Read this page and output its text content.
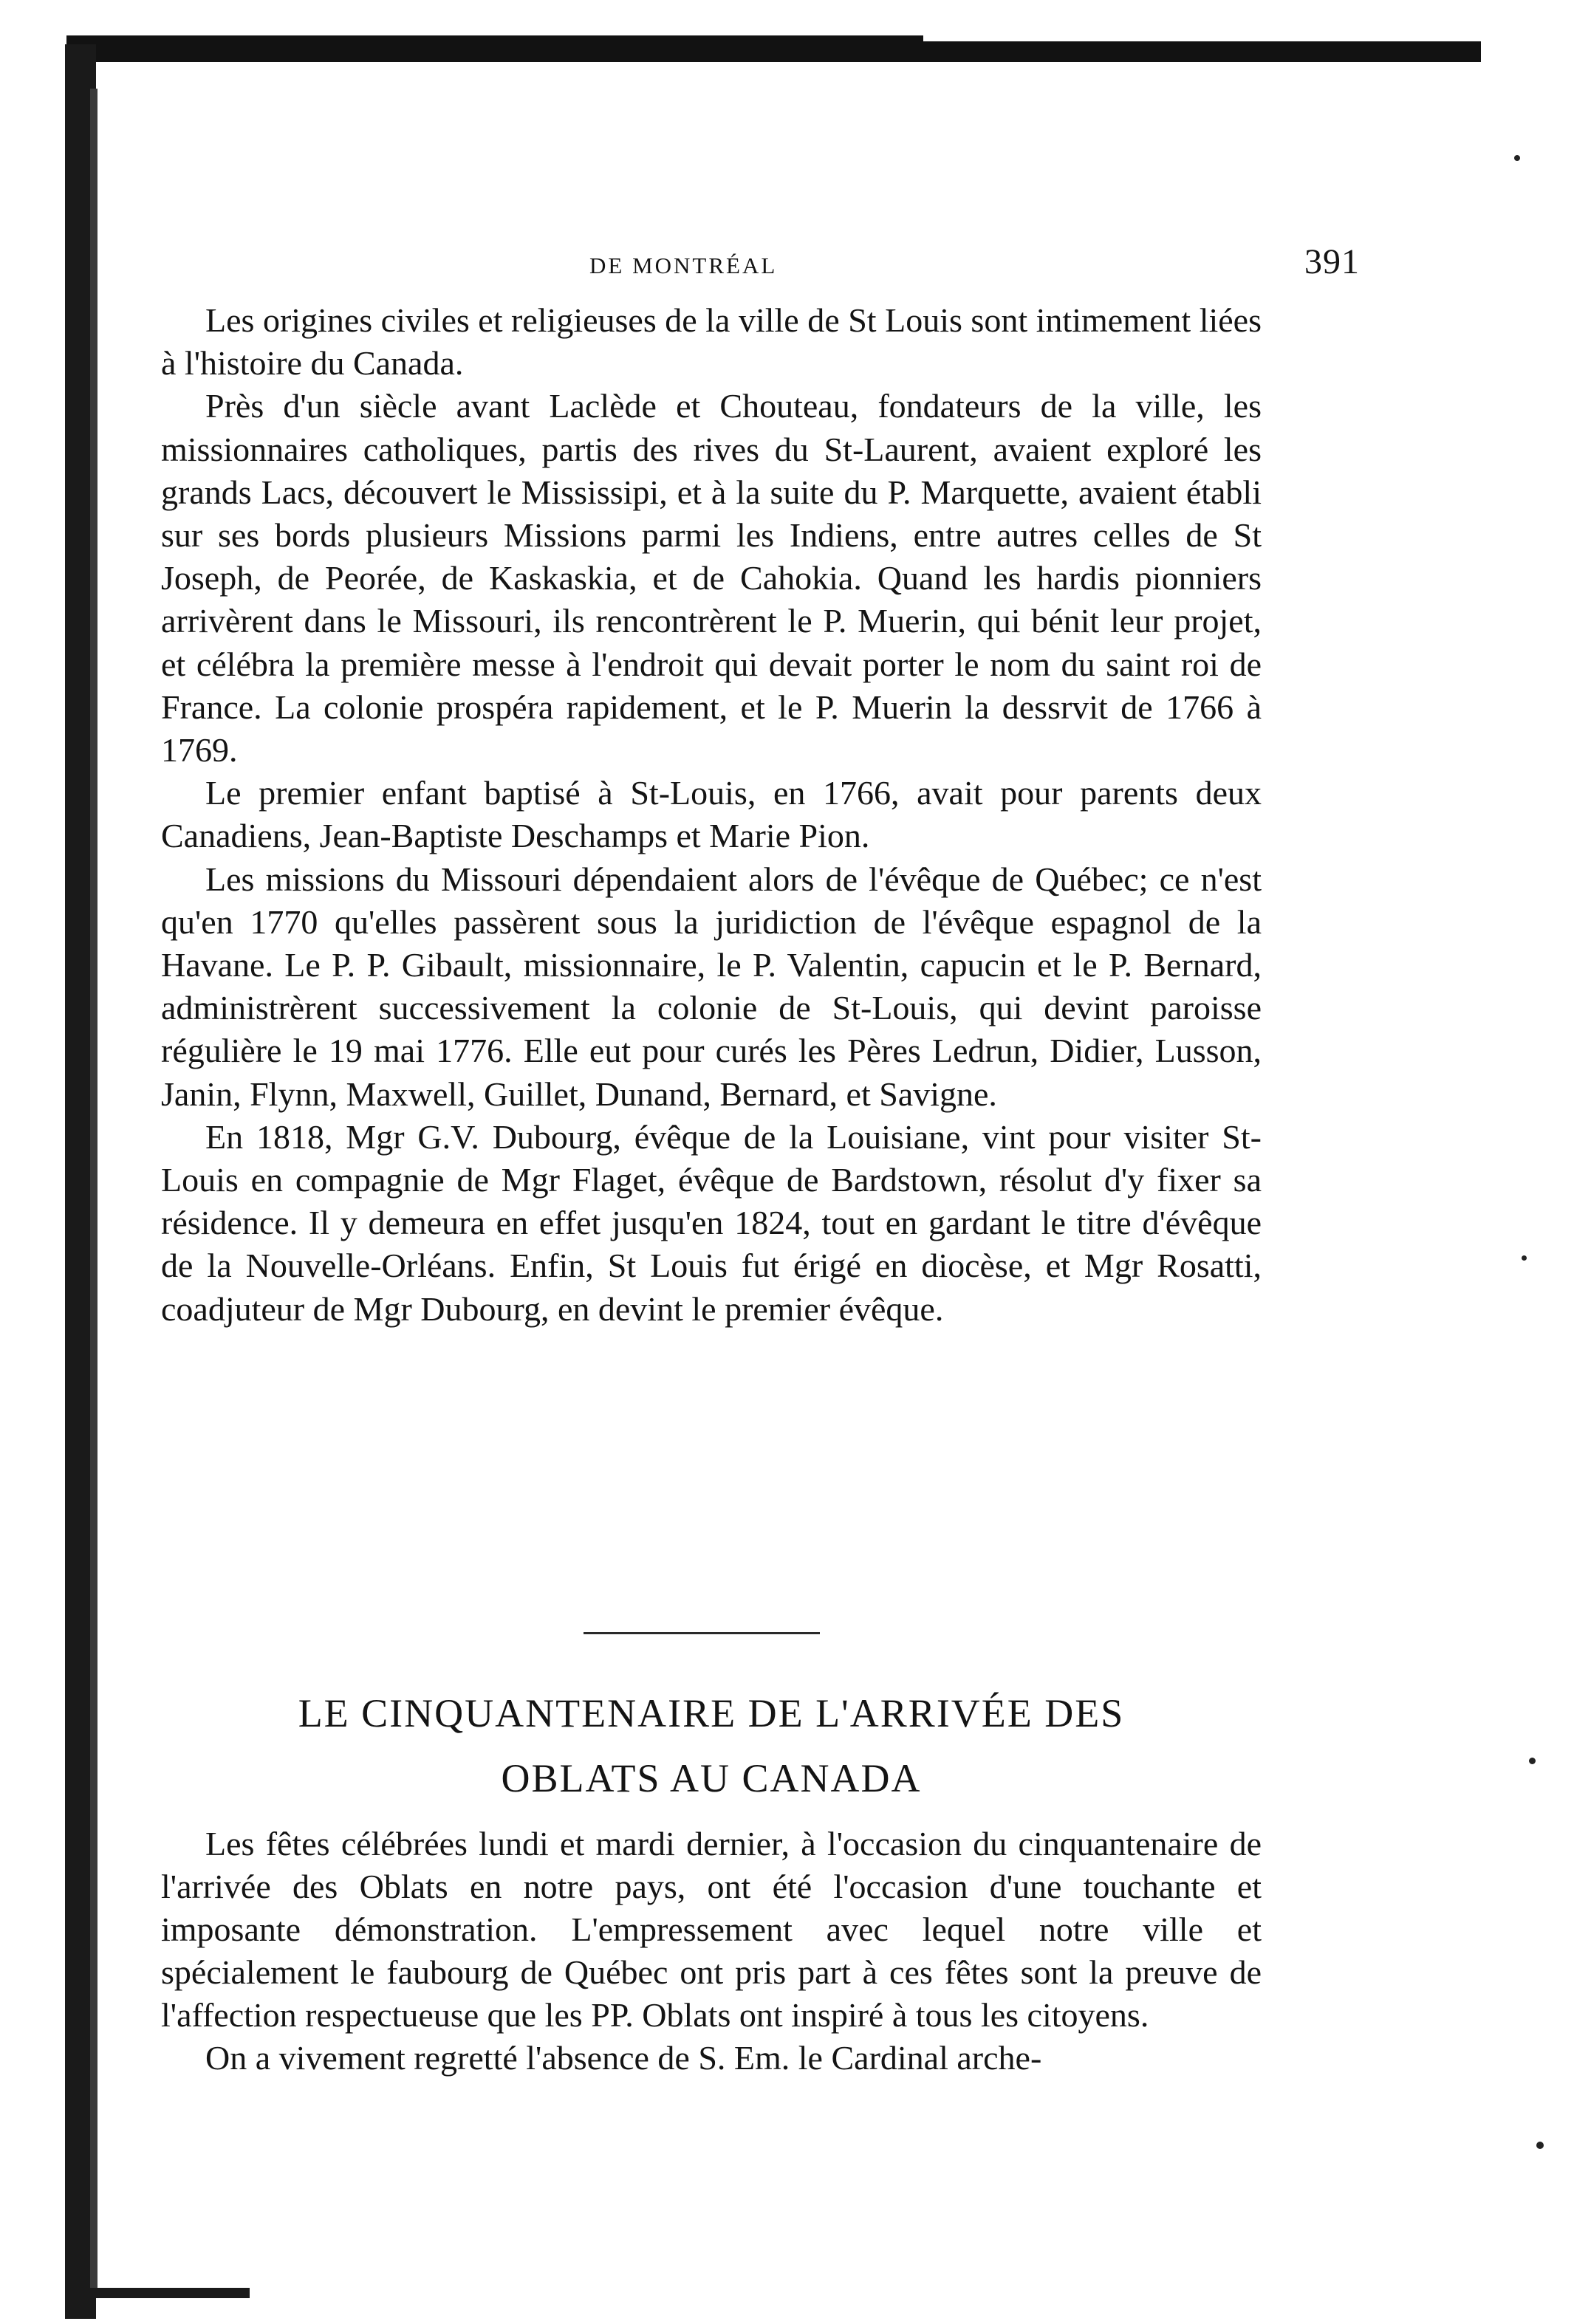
DE MONTRÉAL	391

Les origines civiles et religieuses de la ville de St Louis sont intimement liées à l'histoire du Canada.

Près d'un siècle avant Laclède et Chouteau, fondateurs de la ville, les missionnaires catholiques, partis des rives du St-Laurent, avaient exploré les grands Lacs, découvert le Mississipi, et à la suite du P. Marquette, avaient établi sur ses bords plusieurs Missions parmi les Indiens, entre autres celles de St Joseph, de Peorée, de Kaskaskia, et de Cahokia. Quand les hardis pionniers arrivèrent dans le Missouri, ils rencontrèrent le P. Muerin, qui bénit leur projet, et célébra la première messe à l'endroit qui devait porter le nom du saint roi de France. La colonie prospéra rapidement, et le P. Muerin la dessrvit de 1766 à 1769.

Le premier enfant baptisé à St-Louis, en 1766, avait pour parents deux Canadiens, Jean-Baptiste Deschamps et Marie Pion.

Les missions du Missouri dépendaient alors de l'évêque de Québec; ce n'est qu'en 1770 qu'elles passèrent sous la juridiction de l'évêque espagnol de la Havane. Le P. P. Gibault, missionnaire, le P. Valentin, capucin et le P. Bernard, administrèrent successivement la colonie de St-Louis, qui devint paroisse régulière le 19 mai 1776. Elle eut pour curés les Pères Ledrun, Didier, Lusson, Janin, Flynn, Maxwell, Guillet, Dunand, Bernard, et Savigne.

En 1818, Mgr G.V. Dubourg, évêque de la Louisiane, vint pour visiter St-Louis en compagnie de Mgr Flaget, évêque de Bardstown, résolut d'y fixer sa résidence. Il y demeura en effet jusqu'en 1824, tout en gardant le titre d'évêque de la Nouvelle-Orléans. Enfin, St Louis fut érigé en diocèse, et Mgr Rosatti, coadjuteur de Mgr Dubourg, en devint le premier évêque.

LE CINQUANTENAIRE DE L'ARRIVÉE DES
OBLATS AU CANADA

Les fêtes célébrées lundi et mardi dernier, à l'occasion du cinquantenaire de l'arrivée des Oblats en notre pays, ont été l'occasion d'une touchante et imposante démonstration. L'empressement avec lequel notre ville et spécialement le faubourg de Québec ont pris part à ces fêtes sont la preuve de l'affection respectueuse que les PP. Oblats ont inspiré à tous les citoyens.

On a vivement regretté l'absence de S. Em. le Cardinal arche-
